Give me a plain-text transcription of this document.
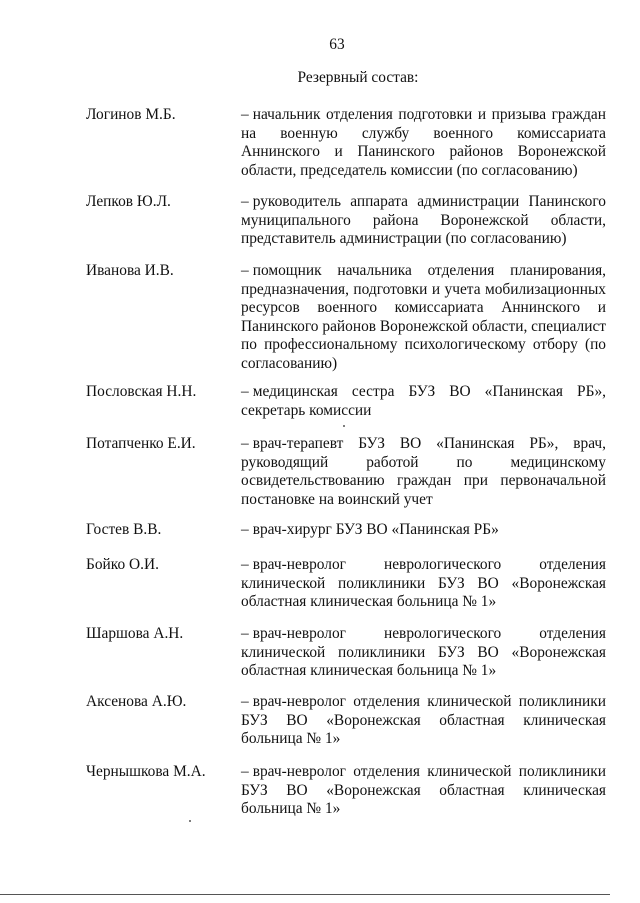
63
Резервный состав:
Логинов М.Б.	– начальник отделения подготовки и призыва граждан на военную службу военного комиссариата Аннинского и Панинского районов Воронежской области, председатель комиссии (по согласованию)
Лепков Ю.Л.	– руководитель аппарата администрации Панинского муниципального района Воронежской области, представитель администрации (по согласованию)
Иванова И.В.	– помощник начальника отделения планирования, предназначения, подготовки и учета мобилизационных ресурсов военного комиссариата Аннинского и Панинского районов Воронежской области, специалист по профессиональному психологическому отбору (по согласованию)
Пословская Н.Н.	– медицинская сестра БУЗ ВО «Панинская РБ», секретарь комиссии
Потапченко Е.И.	– врач-терапевт БУЗ ВО «Панинская РБ», врач, руководящий работой по медицинскому освидетельствованию граждан при первоначальной постановке на воинский учет
Гостев В.В.	– врач-хирург БУЗ ВО «Панинская РБ»
Бойко О.И.	– врач-невролог неврологического отделения клинической поликлиники БУЗ ВО «Воронежская областная клиническая больница № 1»
Шаршова А.Н.	– врач-невролог неврологического отделения клинической поликлиники БУЗ ВО «Воронежская областная клиническая больница № 1»
Аксенова А.Ю.	– врач-невролог отделения клинической поликлиники БУЗ ВО «Воронежская областная клиническая больница № 1»
Чернышкова М.А. – врач-невролог отделения клинической поликлиники БУЗ ВО «Воронежская областная клиническая больница № 1»
